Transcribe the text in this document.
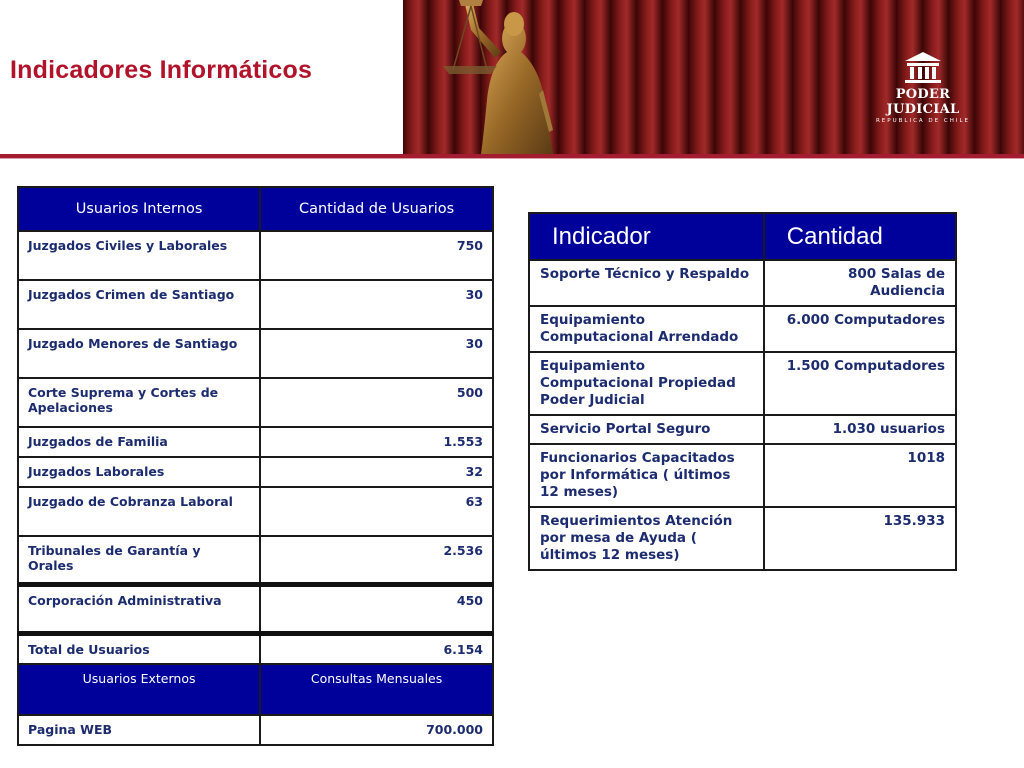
Indicadores Informáticos
PODER JUDICIAL
REPUBLICA DE CHILE
Usuarios Internos	Cantidad de Usuarios
Juzgados Civiles y Laborales	750
Juzgados Crimen de Santiago	30
Juzgado Menores de Santiago	30
Corte Suprema y Cortes de Apelaciones	500
Juzgados de Familia	1.553
Juzgados Laborales	32
Juzgado de Cobranza Laboral	63
Tribunales de Garantía y Orales	2.536
Corporación Administrativa	450
Total de Usuarios	6.154
Usuarios Externos	Consultas Mensuales
Pagina WEB	700.000
Indicador	Cantidad
Soporte Técnico y Respaldo	800 Salas de Audiencia
Equipamiento Computacional Arrendado	6.000 Computadores
Equipamiento Computacional Propiedad Poder Judicial	1.500 Computadores
Servicio Portal Seguro	1.030 usuarios
Funcionarios Capacitados por Informática ( últimos 12 meses)	1018
Requerimientos Atención por mesa de Ayuda ( últimos 12 meses)	135.933
